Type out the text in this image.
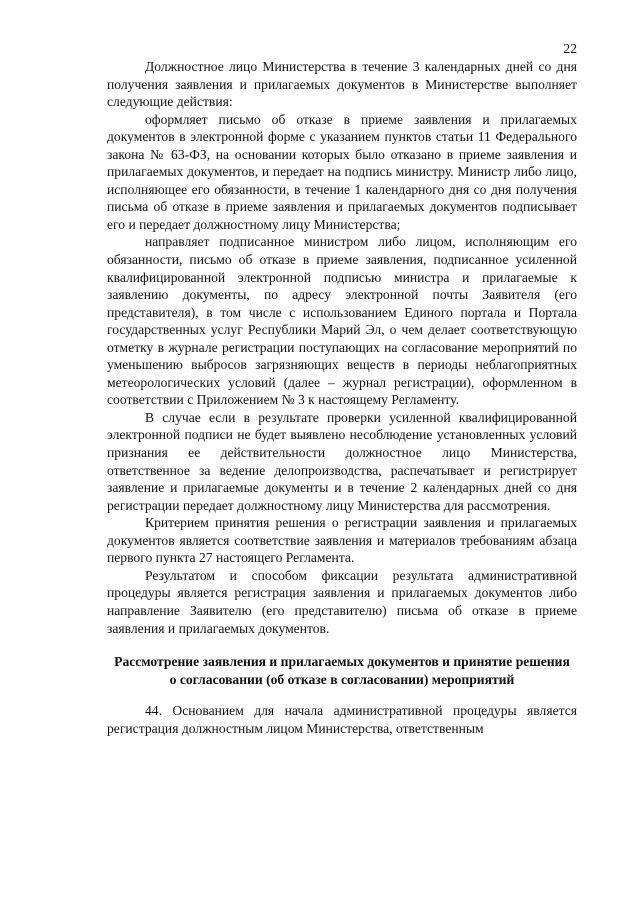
22

Должностное лицо Министерства в течение 3 календарных дней со дня получения заявления и прилагаемых документов в Министерстве выполняет следующие действия:

оформляет письмо об отказе в приеме заявления и прилагаемых документов в электронной форме с указанием пунктов статьи 11 Федерального закона № 63-ФЗ, на основании которых было отказано в приеме заявления и прилагаемых документов, и передает на подпись министру. Министр либо лицо, исполняющее его обязанности, в течение 1 календарного дня со дня получения письма об отказе в приеме заявления и прилагаемых документов подписывает его и передает должностному лицу Министерства;

направляет подписанное министром либо лицом, исполняющим его обязанности, письмо об отказе в приеме заявления, подписанное усиленной квалифицированной электронной подписью министра и прилагаемые к заявлению документы, по адресу электронной почты Заявителя (его представителя), в том числе с использованием Единого портала и Портала государственных услуг Республики Марий Эл, о чем делает соответствующую отметку в журнале регистрации поступающих на согласование мероприятий по уменьшению выбросов загрязняющих веществ в периоды неблагоприятных метеорологических условий (далее – журнал регистрации), оформленном в соответствии с Приложением № 3 к настоящему Регламенту.

В случае если в результате проверки усиленной квалифицированной электронной подписи не будет выявлено несоблюдение установленных условий признания ее действительности должностное лицо Министерства, ответственное за ведение делопроизводства, распечатывает и регистрирует заявление и прилагаемые документы и в течение 2 календарных дней со дня регистрации передает должностному лицу Министерства для рассмотрения.

Критерием принятия решения о регистрации заявления и прилагаемых документов является соответствие заявления и материалов требованиям абзаца первого пункта 27 настоящего Регламента.

Результатом и способом фиксации результата административной процедуры является регистрация заявления и прилагаемых документов либо направление Заявителю (его представителю) письма об отказе в приеме заявления и прилагаемых документов.

Рассмотрение заявления и прилагаемых документов и принятие решения о согласовании (об отказе в согласовании) мероприятий

44. Основанием для начала административной процедуры является регистрация должностным лицом Министерства, ответственным
